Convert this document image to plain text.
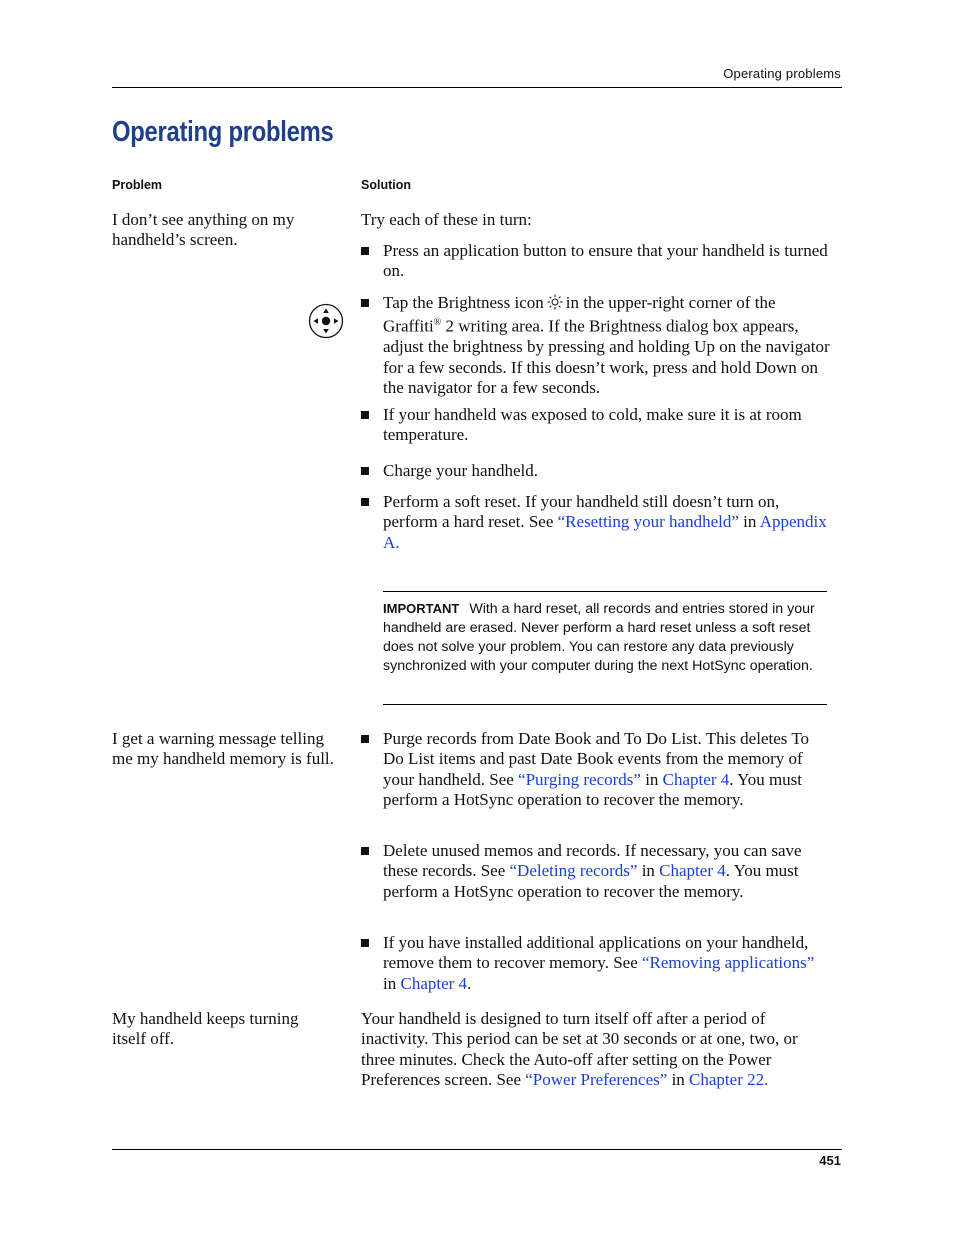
Operating problems
Operating problems
Problem	Solution
I don’t see anything on my handheld’s screen.
Try each of these in turn:
Press an application button to ensure that your handheld is turned on.
Tap the Brightness icon in the upper-right corner of the Graffiti® 2 writing area. If the Brightness dialog box appears, adjust the brightness by pressing and holding Up on the navigator for a few seconds. If this doesn’t work, press and hold Down on the navigator for a few seconds.
If your handheld was exposed to cold, make sure it is at room temperature.
Charge your handheld.
Perform a soft reset. If your handheld still doesn’t turn on, perform a hard reset. See “Resetting your handheld” in Appendix A.
IMPORTANT With a hard reset, all records and entries stored in your handheld are erased. Never perform a hard reset unless a soft reset does not solve your problem. You can restore any data previously synchronized with your computer during the next HotSync operation.
I get a warning message telling me my handheld memory is full.
Purge records from Date Book and To Do List. This deletes To Do List items and past Date Book events from the memory of your handheld. See “Purging records” in Chapter 4. You must perform a HotSync operation to recover the memory.
Delete unused memos and records. If necessary, you can save these records. See “Deleting records” in Chapter 4. You must perform a HotSync operation to recover the memory.
If you have installed additional applications on your handheld, remove them to recover memory. See “Removing applications” in Chapter 4.
My handheld keeps turning itself off.
Your handheld is designed to turn itself off after a period of inactivity. This period can be set at 30 seconds or at one, two, or three minutes. Check the Auto-off after setting on the Power Preferences screen. See “Power Preferences” in Chapter 22.
451
